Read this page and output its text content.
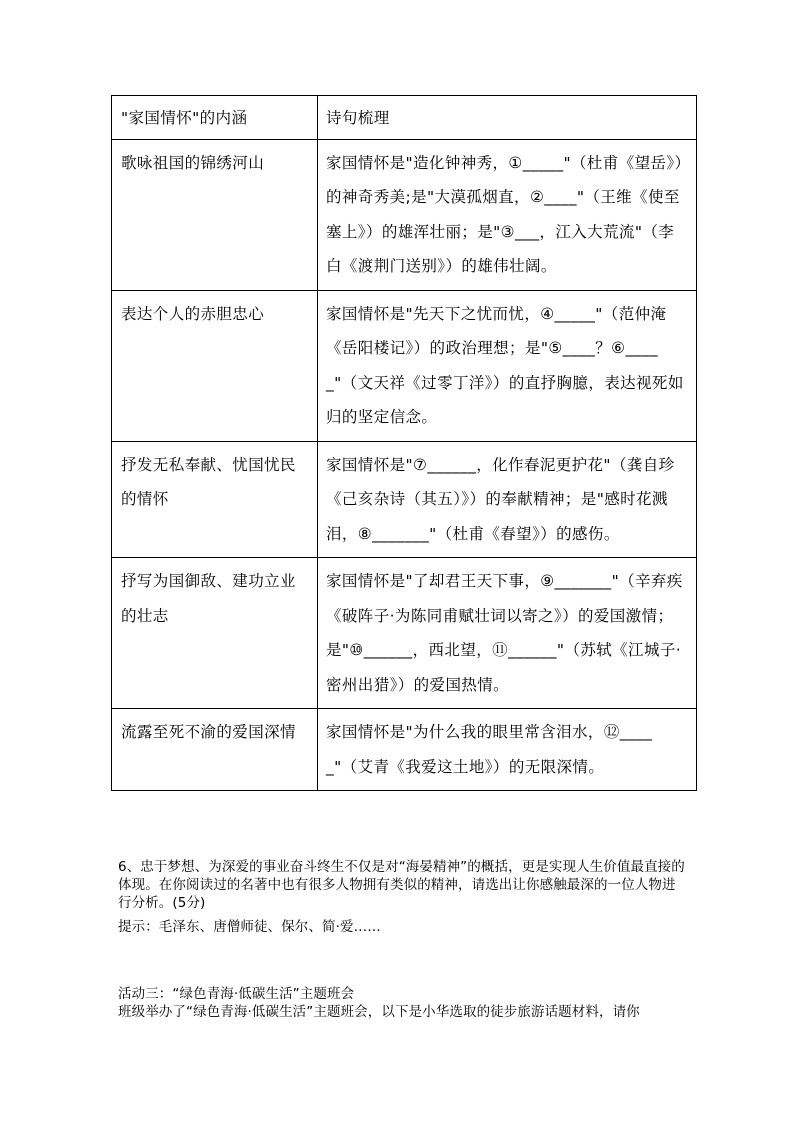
"家国情怀"的内涵	诗句梳理
歌咏祖国的锦绣河山	家国情怀是"造化钟神秀，①_____"（杜甫《望岳》）的神奇秀美;是"大漠孤烟直，②____"（王维《使至塞上》）的雄浑壮丽；是"③___，江入大荒流"（李白《渡荆门送别》）的雄伟壮阔。
表达个人的赤胆忠心	家国情怀是"先天下之忧而忧，④_____"（范仲淹《岳阳楼记》）的政治理想；是"⑤____？⑥_____"（文天祥《过零丁洋》）的直抒胸臆，表达视死如归的坚定信念。
抒发无私奉献、忧国忧民的情怀	家国情怀是"⑦______，化作春泥更护花"（龚自珍《己亥杂诗（其五）》）的奉献精神；是"感时花溅泪，⑧_______"（杜甫《春望》）的感伤。
抒写为国御敌、建功立业的壮志	家国情怀是"了却君王天下事，⑨_______"（辛弃疾《破阵子·为陈同甫赋壮词以寄之》）的爱国激情；是"⑩______，西北望，⑪______"（苏轼《江城子·密州出猎》）的爱国热情。
流露至死不渝的爱国深情	家国情怀是"为什么我的眼里常含泪水，⑫_____"（艾青《我爱这土地》）的无限深情。
6、忠于梦想、为深爱的事业奋斗终生不仅是对“海晏精神”的概括，更是实现人生价值最直接的体现。在你阅读过的名著中也有很多人物拥有类似的精神，请选出让你感触最深的一位人物进行分析。(5分)
提示：毛泽东、唐僧师徒、保尔、简·爱……
活动三：“绿色青海·低碳生活”主题班会
班级举办了“绿色青海·低碳生活”主题班会，以下是小华选取的徒步旅游话题材料，请你
